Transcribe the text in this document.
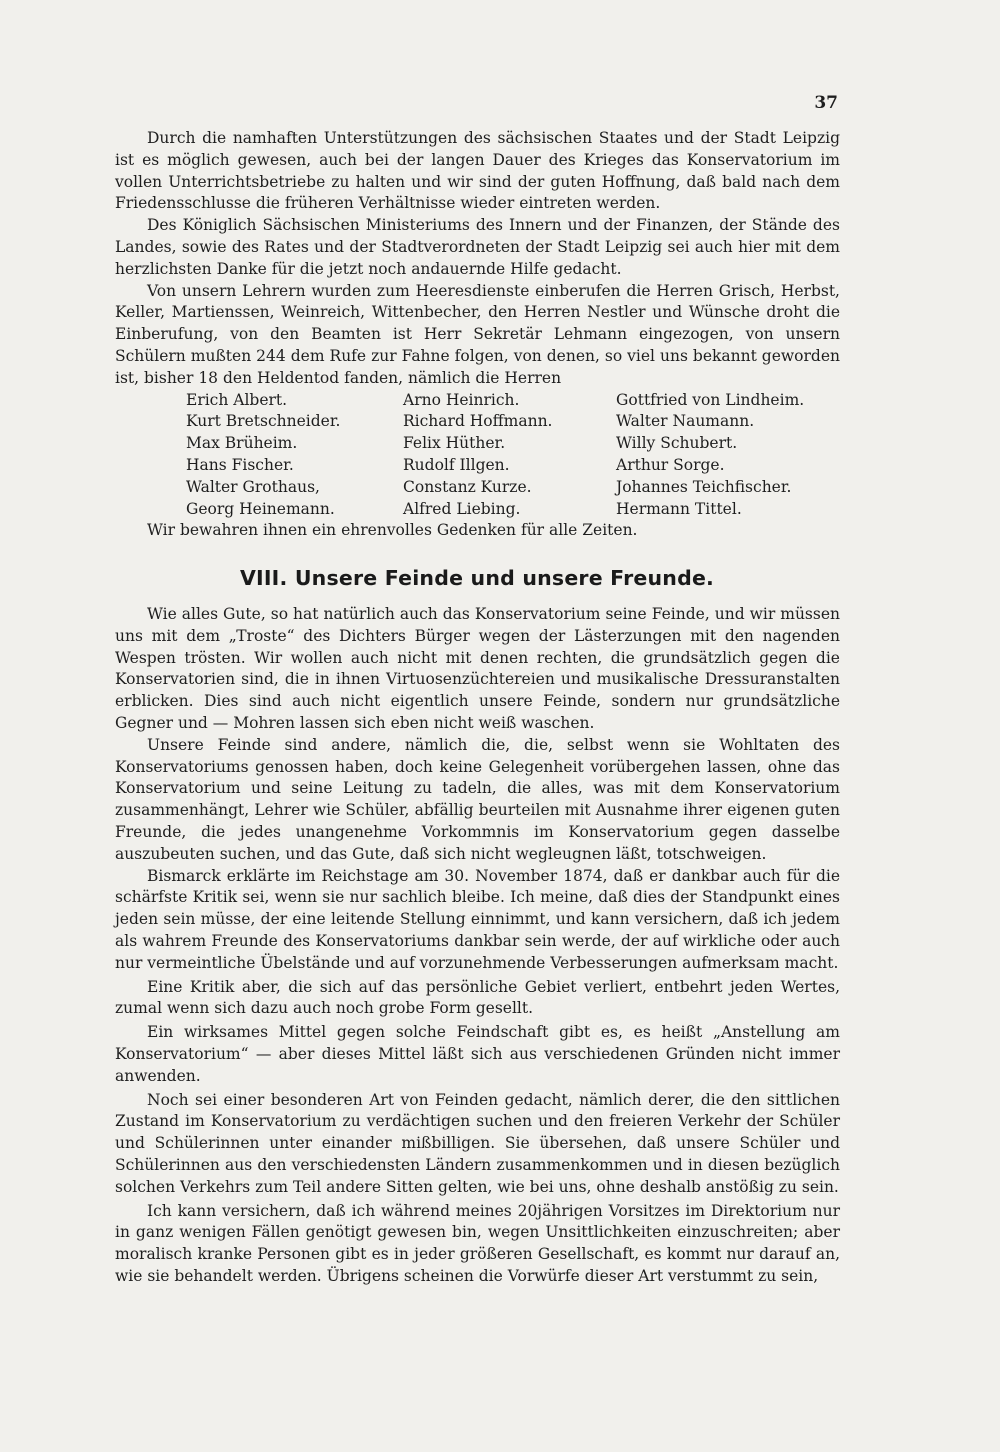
37

Durch die namhaften Unterstützungen des sächsischen Staates und der Stadt Leipzig ist es möglich gewesen, auch bei der langen Dauer des Krieges das Konservatorium im vollen Unterrichtsbetriebe zu halten und wir sind der guten Hoffnung, daß bald nach dem Friedensschlusse die früheren Verhältnisse wieder eintreten werden.

Des Königlich Sächsischen Ministeriums des Innern und der Finanzen, der Stände des Landes, sowie des Rates und der Stadtverordneten der Stadt Leipzig sei auch hier mit dem herzlichsten Danke für die jetzt noch andauernde Hilfe gedacht.

Von unsern Lehrern wurden zum Heeresdienste einberufen die Herren Grisch, Herbst, Keller, Martienssen, Weinreich, Wittenbecher, den Herren Nestler und Wünsche droht die Einberufung, von den Beamten ist Herr Sekretär Lehmann eingezogen, von unsern Schülern mußten 244 dem Rufe zur Fahne folgen, von denen, so viel uns bekannt geworden ist, bisher 18 den Heldentod fanden, nämlich die Herren

Erich Albert.	Arno Heinrich.	Gottfried von Lindheim.
Kurt Bretschneider.	Richard Hoffmann.	Walter Naumann.
Max Brüheim.	Felix Hüther.	Willy Schubert.
Hans Fischer.	Rudolf Illgen.	Arthur Sorge.
Walter Grothaus,	Constanz Kurze.	Johannes Teichfischer.
Georg Heinemann.	Alfred Liebing.	Hermann Tittel.

Wir bewahren ihnen ein ehrenvolles Gedenken für alle Zeiten.

VIII. Unsere Feinde und unsere Freunde.

Wie alles Gute, so hat natürlich auch das Konservatorium seine Feinde, und wir müssen uns mit dem „Troste“ des Dichters Bürger wegen der Lästerzungen mit den nagenden Wespen trösten. Wir wollen auch nicht mit denen rechten, die grundsätzlich gegen die Konservatorien sind, die in ihnen Virtuosenzüchtereien und musikalische Dressuranstalten erblicken. Dies sind auch nicht eigentlich unsere Feinde, sondern nur grundsätzliche Gegner und — Mohren lassen sich eben nicht weiß waschen.

Unsere Feinde sind andere, nämlich die, die, selbst wenn sie Wohltaten des Konservatoriums genossen haben, doch keine Gelegenheit vorübergehen lassen, ohne das Konservatorium und seine Leitung zu tadeln, die alles, was mit dem Konservatorium zusammenhängt, Lehrer wie Schüler, abfällig beurteilen mit Ausnahme ihrer eigenen guten Freunde, die jedes unangenehme Vorkommnis im Konservatorium gegen dasselbe auszubeuten suchen, und das Gute, daß sich nicht wegleugnen läßt, totschweigen.

Bismarck erklärte im Reichstage am 30. November 1874, daß er dankbar auch für die schärfste Kritik sei, wenn sie nur sachlich bleibe. Ich meine, daß dies der Standpunkt eines jeden sein müsse, der eine leitende Stellung einnimmt, und kann versichern, daß ich jedem als wahrem Freunde des Konservatoriums dankbar sein werde, der auf wirkliche oder auch nur vermeintliche Übelstände und auf vorzunehmende Verbesserungen aufmerksam macht.

Eine Kritik aber, die sich auf das persönliche Gebiet verliert, entbehrt jeden Wertes, zumal wenn sich dazu auch noch grobe Form gesellt.

Ein wirksames Mittel gegen solche Feindschaft gibt es, es heißt „Anstellung am Konservatorium“ — aber dieses Mittel läßt sich aus verschiedenen Gründen nicht immer anwenden.

Noch sei einer besonderen Art von Feinden gedacht, nämlich derer, die den sittlichen Zustand im Konservatorium zu verdächtigen suchen und den freieren Verkehr der Schüler und Schülerinnen unter einander mißbilligen. Sie übersehen, daß unsere Schüler und Schülerinnen aus den verschiedensten Ländern zusammenkommen und in diesen bezüglich solchen Verkehrs zum Teil andere Sitten gelten, wie bei uns, ohne deshalb anstößig zu sein.

Ich kann versichern, daß ich während meines 20jährigen Vorsitzes im Direktorium nur in ganz wenigen Fällen genötigt gewesen bin, wegen Unsittlichkeiten einzuschreiten; aber moralisch kranke Personen gibt es in jeder größeren Gesellschaft, es kommt nur darauf an, wie sie behandelt werden. Übrigens scheinen die Vorwürfe dieser Art verstummt zu sein,
